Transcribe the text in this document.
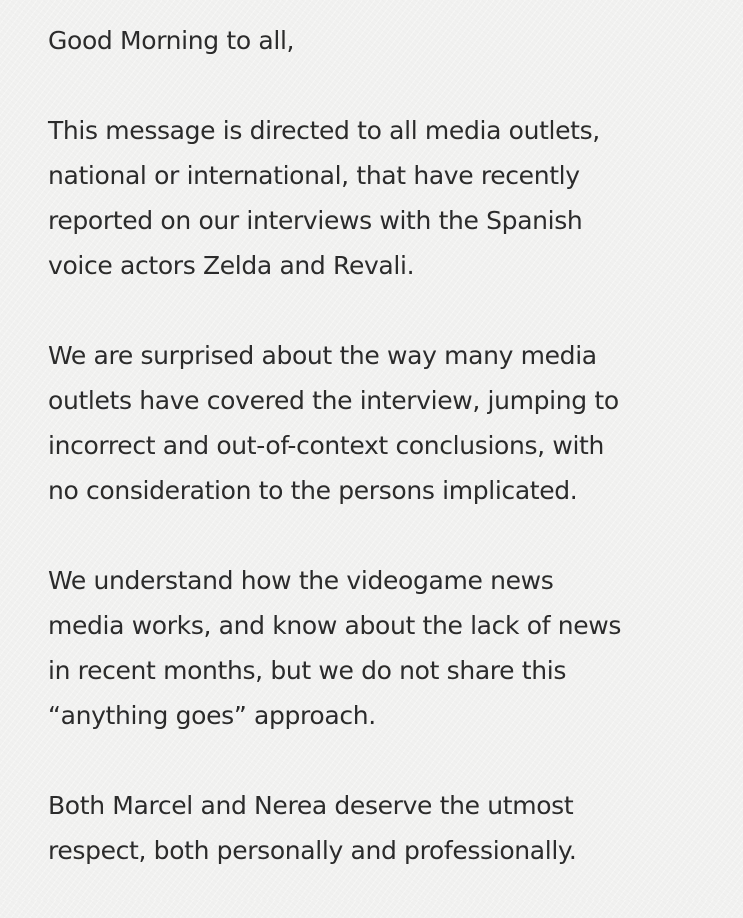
Good Morning to all,
This message is directed to all media outlets,
national or international, that have recently
reported on our interviews with the Spanish
voice actors Zelda and Revali.
We are surprised about the way many media
outlets have covered the interview, jumping to
incorrect and out-of-context conclusions, with
no consideration to the persons implicated.
We understand how the videogame news
media works, and know about the lack of news
in recent months, but we do not share this
“anything goes” approach.
Both Marcel and Nerea deserve the utmost
respect, both personally and professionally.
